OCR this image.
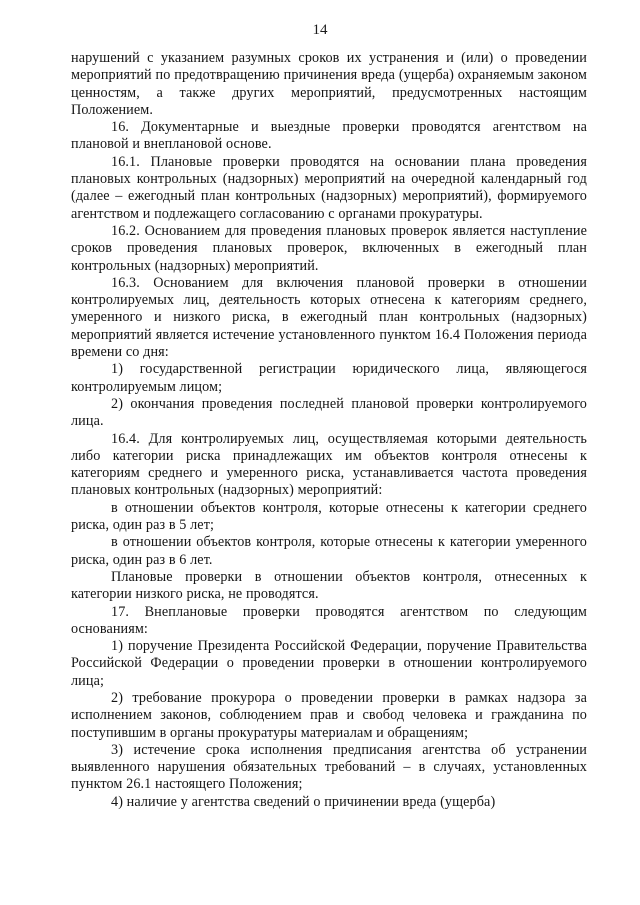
14

нарушений с указанием разумных сроков их устранения и (или) о проведении мероприятий по предотвращению причинения вреда (ущерба) охраняемым законом ценностям, а также других мероприятий, предусмотренных настоящим Положением.

16. Документарные и выездные проверки проводятся агентством на плановой и внеплановой основе.

16.1. Плановые проверки проводятся на основании плана проведения плановых контрольных (надзорных) мероприятий на очередной календарный год (далее – ежегодный план контрольных (надзорных) мероприятий), формируемого агентством и подлежащего согласованию с органами прокуратуры.

16.2. Основанием для проведения плановых проверок является наступление сроков проведения плановых проверок, включенных в ежегодный план контрольных (надзорных) мероприятий.

16.3. Основанием для включения плановой проверки в отношении контролируемых лиц, деятельность которых отнесена к категориям среднего, умеренного и низкого риска, в ежегодный план контрольных (надзорных) мероприятий является истечение установленного пунктом 16.4 Положения периода времени со дня:

1) государственной регистрации юридического лица, являющегося контролируемым лицом;

2) окончания проведения последней плановой проверки контролируемого лица.

16.4. Для контролируемых лиц, осуществляемая которыми деятельность либо категории риска принадлежащих им объектов контроля отнесены к категориям среднего и умеренного риска, устанавливается частота проведения плановых контрольных (надзорных) мероприятий:

в отношении объектов контроля, которые отнесены к категории среднего риска, один раз в 5 лет;

в отношении объектов контроля, которые отнесены к категории умеренного риска, один раз в 6 лет.

Плановые проверки в отношении объектов контроля, отнесенных к категории низкого риска, не проводятся.

17. Внеплановые проверки проводятся агентством по следующим основаниям:

1) поручение Президента Российской Федерации, поручение Правительства Российской Федерации о проведении проверки в отношении контролируемого лица;

2) требование прокурора о проведении проверки в рамках надзора за исполнением законов, соблюдением прав и свобод человека и гражданина по поступившим в органы прокуратуры материалам и обращениям;

3) истечение срока исполнения предписания агентства об устранении выявленного нарушения обязательных требований – в случаях, установленных пунктом 26.1 настоящего Положения;

4) наличие у агентства сведений о причинении вреда (ущерба)
